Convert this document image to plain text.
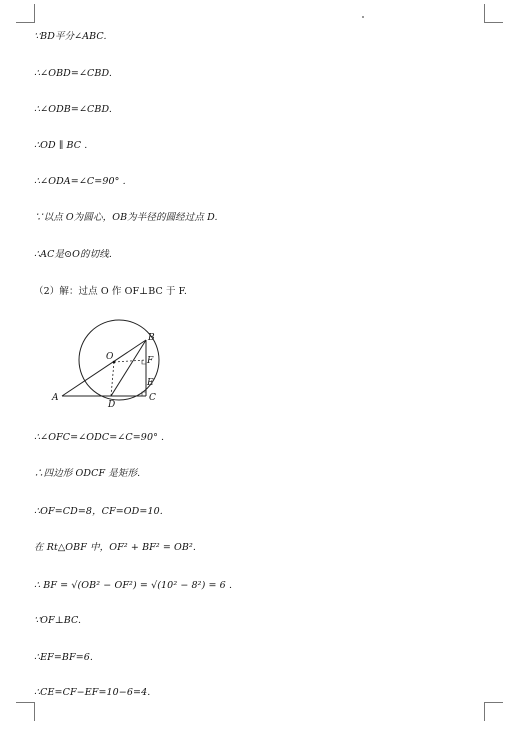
∵BD平分∠ABC.
∴∠OBD=∠CBD.
∴∠ODB=∠CBD.
∴OD ∥ BC .
∴∠ODA=∠C=90° .
∵以点 O为圆心，OB为半径的圆经过点 D.
∴AC是⊙O的切线.
（2）解：过点 O 作 OF⊥BC 于 F.
A
B
C
D
E
F
O
∴∠OFC=∠ODC=∠C=90° .
∴四边形 ODCF 是矩形.
∴OF=CD=8，CF=OD=10.
在 Rt△OBF 中，OF² + BF² = OB².
∴ BF = √(OB² − OF²) = √(10² − 8²) = 6 .
∵OF⊥BC.
∴EF=BF=6.
∴CE=CF−EF=10−6=4.
